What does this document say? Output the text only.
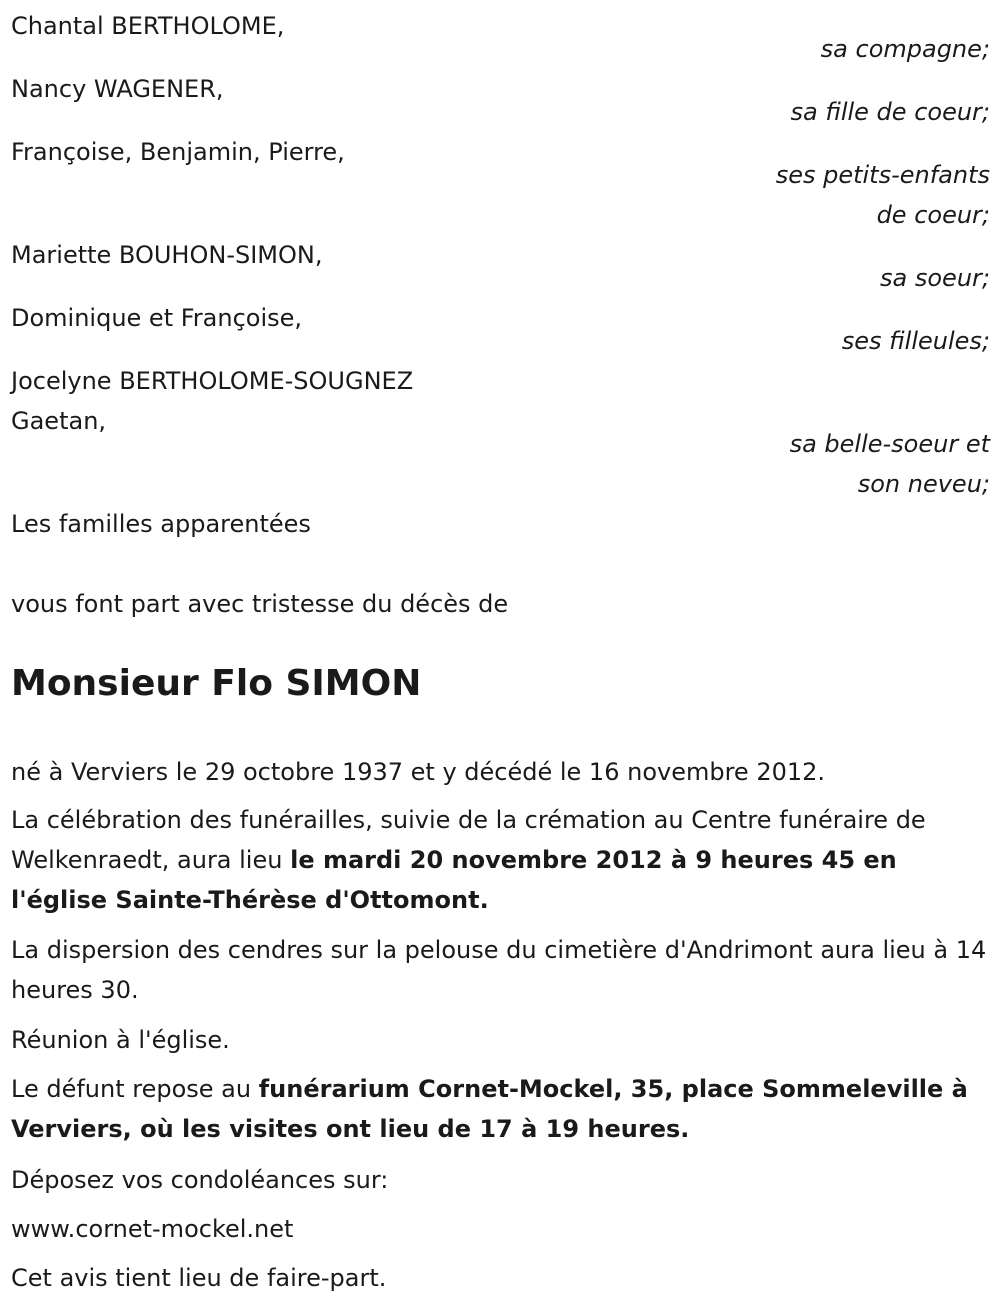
Chantal BERTHOLOME,
sa compagne;
Nancy WAGENER,
sa fille de coeur;
Françoise, Benjamin, Pierre,
ses petits-enfants
de coeur;
Mariette BOUHON-SIMON,
sa soeur;
Dominique et Françoise,
ses filleules;
Jocelyne BERTHOLOME-SOUGNEZ
Gaetan,
sa belle-soeur et
son neveu;
Les familles apparentées
vous font part avec tristesse du décès de
Monsieur Flo SIMON
né à Verviers le 29 octobre 1937 et y décédé le 16 novembre 2012.
La célébration des funérailles, suivie de la crémation au Centre funéraire de Welkenraedt, aura lieu le mardi 20 novembre 2012 à 9 heures 45 en l'église Sainte-Thérèse d'Ottomont.
La dispersion des cendres sur la pelouse du cimetière d'Andrimont aura lieu à 14 heures 30.
Réunion à l'église.
Le défunt repose au funérarium Cornet-Mockel, 35, place Sommeleville à Verviers, où les visites ont lieu de 17 à 19 heures.
Déposez vos condoléances sur:
www.cornet-mockel.net
Cet avis tient lieu de faire-part.
